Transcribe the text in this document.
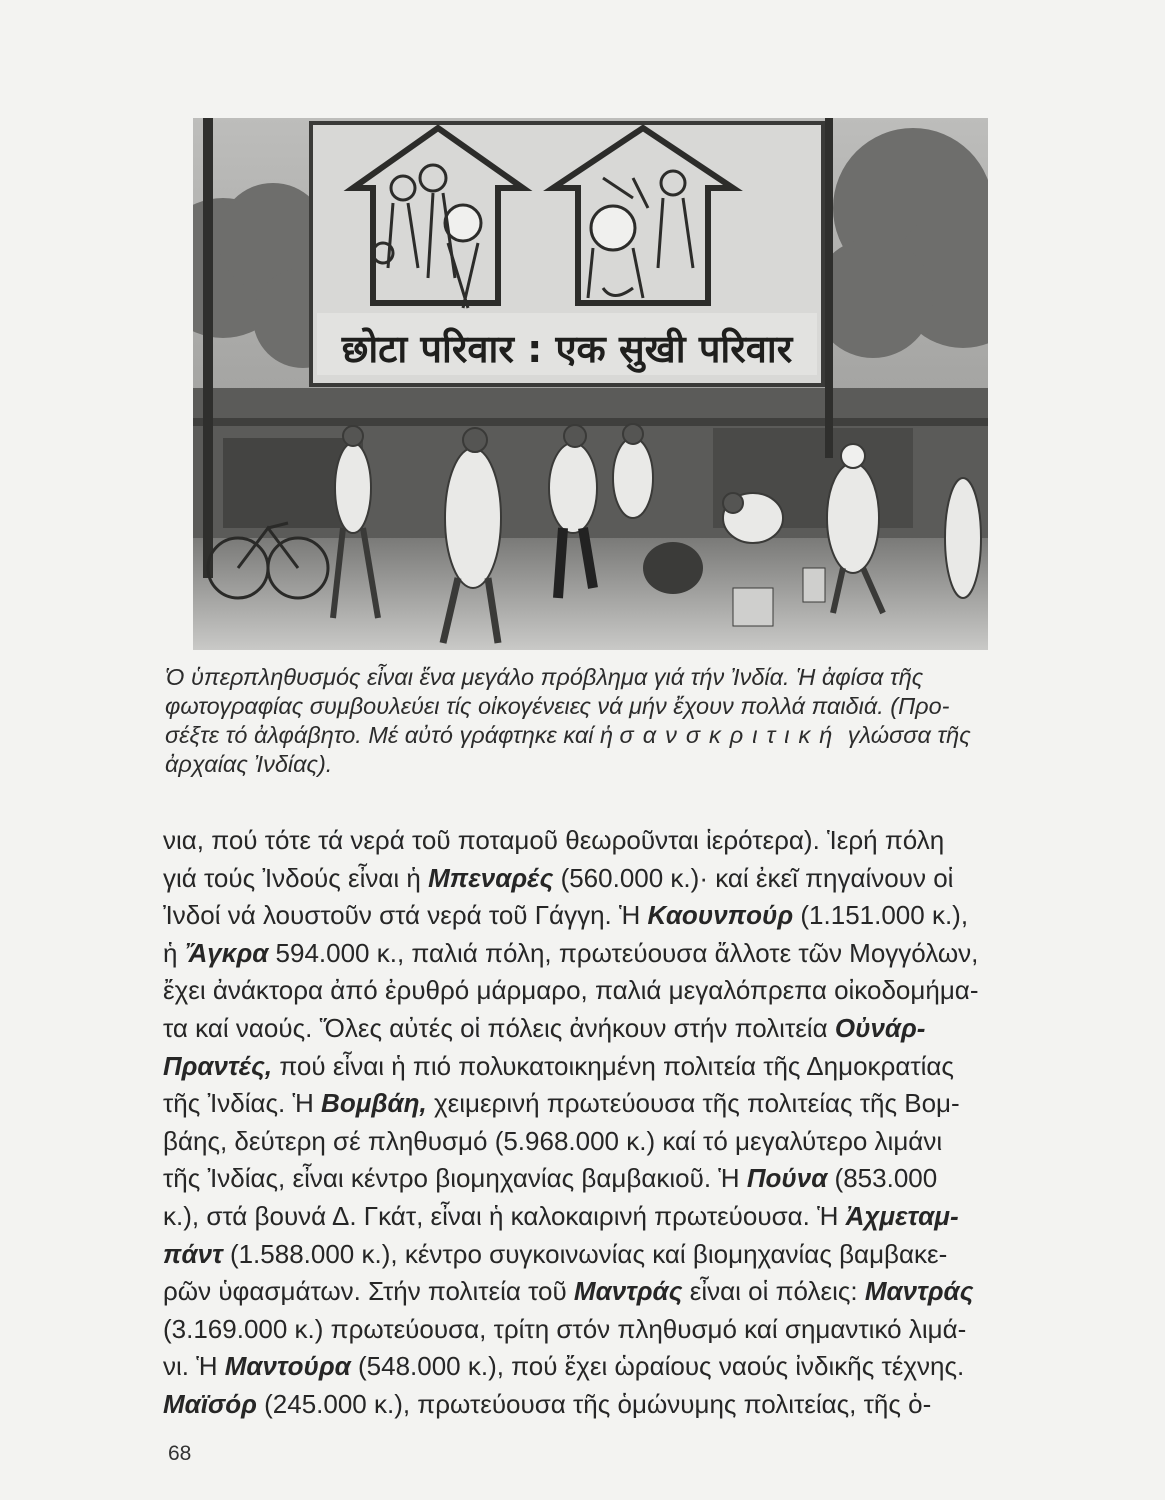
छोटा परिवार : एक सुखी परिवार
Ὁ ὑπερπληθυσμός εἶναι ἕνα μεγάλο πρόβλημα γιά τήν Ἰνδία. Ἡ ἀφίσα τῆς
φωτογραφίας συμβουλεύει τίς οἰκογένειες νά μήν ἔχουν πολλά παιδιά. (Προ-
σέξτε τό ἀλφάβητο. Μέ αὐτό γράφτηκε καί ἡ σανσκριτική γλώσσα τῆς
ἀρχαίας Ἰνδίας).
νια, πού τότε τά νερά τοῦ ποταμοῦ θεωροῦνται ἱερότερα). Ἱερή πόλη
γιά τούς Ἰνδούς εἶναι ἡ Μπεναρές (560.000 κ.)· καί ἐκεῖ πηγαίνουν οἱ
Ἰνδοί νά λουστοῦν στά νερά τοῦ Γάγγη. Ἡ Καουνπούρ (1.151.000 κ.),
ἡ Ἄγκρα 594.000 κ., παλιά πόλη, πρωτεύουσα ἄλλοτε τῶν Μογγόλων,
ἔχει ἀνάκτορα ἀπό ἐρυθρό μάρμαρο, παλιά μεγαλόπρεπα οἰκοδομήμα-
τα καί ναούς. Ὅλες αὐτές οἱ πόλεις ἀνήκουν στήν πολιτεία Οὐνάρ-
Πραντές, πού εἶναι ἡ πιό πολυκατοικημένη πολιτεία τῆς Δημοκρατίας
τῆς Ἰνδίας. Ἡ Βομβάη, χειμερινή πρωτεύουσα τῆς πολιτείας τῆς Βομ-
βάης, δεύτερη σέ πληθυσμό (5.968.000 κ.) καί τό μεγαλύτερο λιμάνι
τῆς Ἰνδίας, εἶναι κέντρο βιομηχανίας βαμβακιοῦ. Ἡ Πούνα (853.000
κ.), στά βουνά Δ. Γκάτ, εἶναι ἡ καλοκαιρινή πρωτεύουσα. Ἡ Ἀχμεταμ-
πάντ (1.588.000 κ.), κέντρο συγκοινωνίας καί βιομηχανίας βαμβακε-
ρῶν ὑφασμάτων. Στήν πολιτεία τοῦ Μαντράς εἶναι οἱ πόλεις: Μαντράς
(3.169.000 κ.) πρωτεύουσα, τρίτη στόν πληθυσμό καί σημαντικό λιμά-
νι. Ἡ Μαντούρα (548.000 κ.), πού ἔχει ὡραίους ναούς ἰνδικῆς τέχνης.
Μαϊσόρ (245.000 κ.), πρωτεύουσα τῆς ὁμώνυμης πολιτείας, τῆς ὁ-
68
